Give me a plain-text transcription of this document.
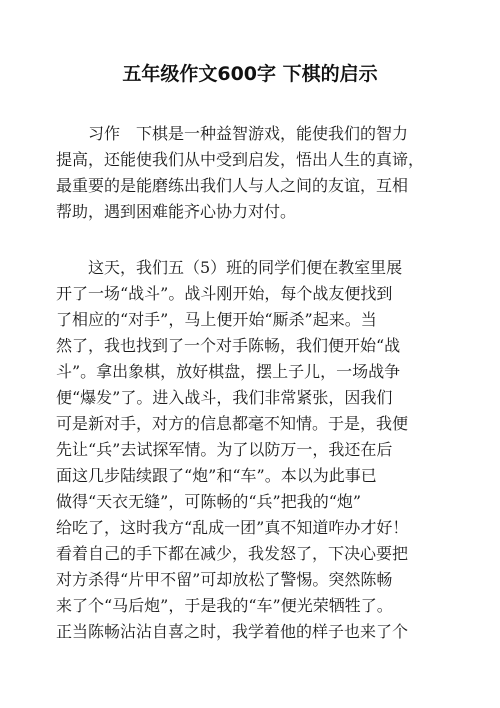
五年级作文600字 下棋的启示

习作　下棋是一种益智游戏，能使我们的智力

提高，还能使我们从中受到启发，悟出人生的真谛，

最重要的是能磨练出我们人与人之间的友谊，互相

帮助，遇到困难能齐心协力对付。

这天，我们五（5）班的同学们便在教室里展

开了一场“战斗”。战斗刚开始，每个战友便找到

了相应的“对手”，马上便开始“厮杀”起来。当

然了，我也找到了一个对手陈畅，我们便开始“战

斗”。拿出象棋，放好棋盘，摆上子儿，一场战争

便“爆发”了。进入战斗，我们非常紧张，因我们

可是新对手，对方的信息都毫不知情。于是，我便

先让“兵”去试探军情。为了以防万一，我还在后

面这几步陆续跟了“炮”和“车”。本以为此事已

做得“天衣无缝”，可陈畅的“兵”把我的“炮”

给吃了，这时我方“乱成一团”真不知道咋办才好！

看着自己的手下都在减少，我发怒了，下决心要把

对方杀得“片甲不留”可却放松了警惕。突然陈畅

来了个“马后炮”，于是我的“车”便光荣牺牲了。

正当陈畅沾沾自喜之时，我学着他的样子也来了个
